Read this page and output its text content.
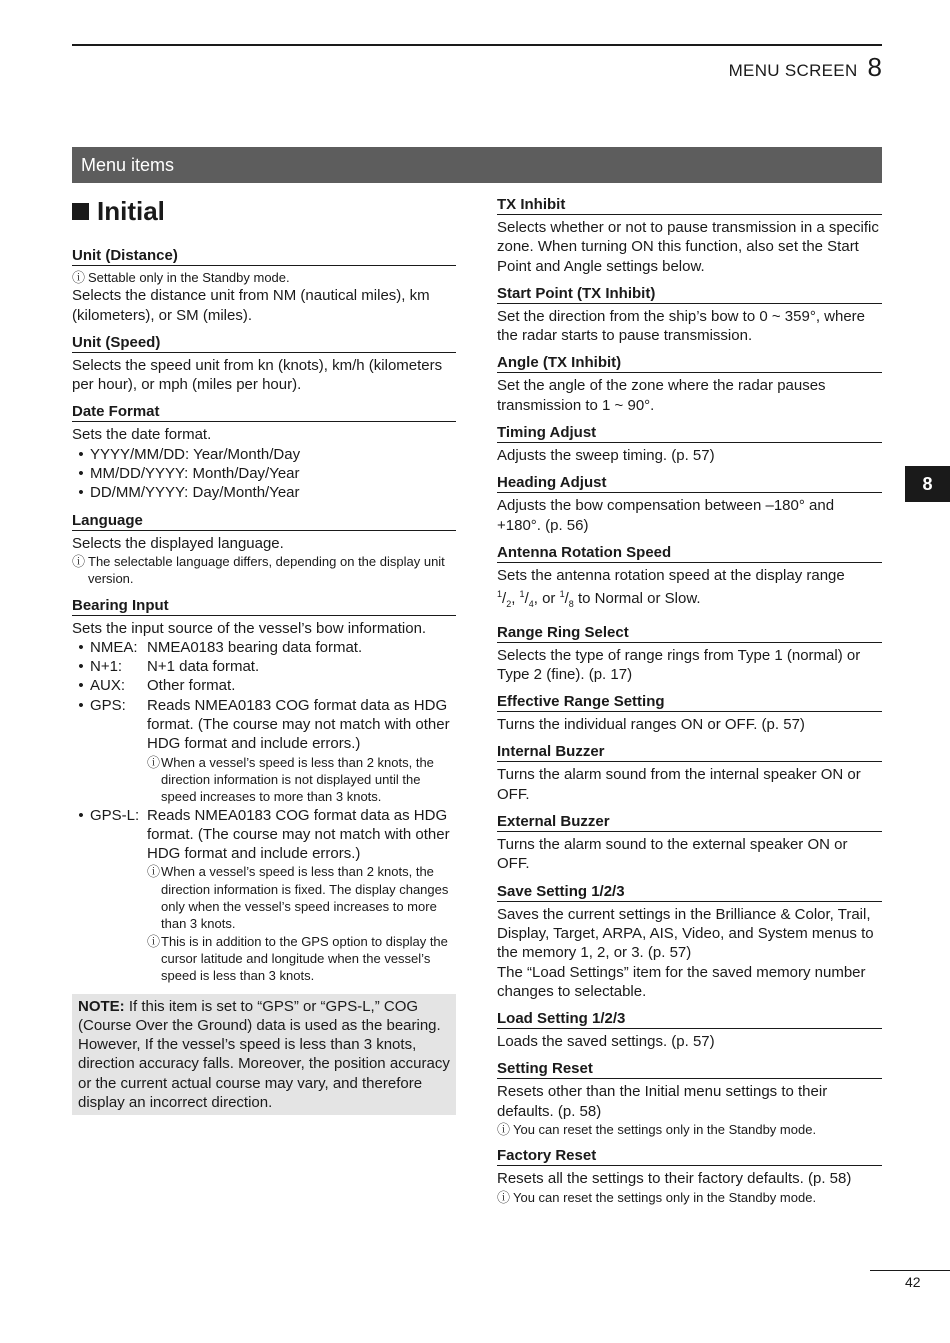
MENU SCREEN 8
Menu items
Initial
Unit (Distance)
ⓘ Settable only in the Standby mode.
Selects the distance unit from NM (nautical miles), km (kilometers), or SM (miles).
Unit (Speed)
Selects the speed unit from kn (knots), km/h (kilometers per hour), or mph (miles per hour).
Date Format
Sets the date format.
• YYYY/MM/DD: Year/Month/Day
• MM/DD/YYYY: Month/Day/Year
• DD/MM/YYYY: Day/Month/Year
Language
Selects the displayed language.
ⓘ The selectable language differs, depending on the display unit version.
Bearing Input
Sets the input source of the vessel’s bow information.
• NMEA: NMEA0183 bearing data format.
• N+1:	N+1 data format.
• AUX:	Other format.
• GPS:	Reads NMEA0183 COG format data as HDG format. (The course may not match with other HDG format and include errors.)
ⓘ When a vessel’s speed is less than 2 knots, the direction information is not displayed until the speed increases to more than 3 knots.
• GPS-L: Reads NMEA0183 COG format data as HDG format. (The course may not match with other HDG format and include errors.)
ⓘ When a vessel’s speed is less than 2 knots, the direction information is fixed. The display changes only when the vessel’s speed increases to more than 3 knots.
ⓘ This is in addition to the GPS option to display the cursor latitude and longitude when the vessel’s speed is less than 3 knots.
NOTE: If this item is set to “GPS” or “GPS-L,” COG (Course Over the Ground) data is used as the bearing.
However, If the vessel’s speed is less than 3 knots, direction accuracy falls. Moreover, the position accuracy or the current actual course may vary, and therefore display an incorrect direction.
TX Inhibit
Selects whether or not to pause transmission in a specific zone. When turning ON this function, also set the Start Point and Angle settings below.
Start Point (TX Inhibit)
Set the direction from the ship’s bow to 0 ~ 359°, where the radar starts to pause transmission.
Angle (TX Inhibit)
Set the angle of the zone where the radar pauses transmission to 1 ~ 90°.
Timing Adjust
Adjusts the sweep timing. (p. 57)
Heading Adjust
Adjusts the bow compensation between –180° and +180°. (p. 56)
Antenna Rotation Speed
Sets the antenna rotation speed at the display range
$^1/_2$, $^1/_4$, or $^1/_8$ to Normal or Slow.
Range Ring Select
Selects the type of range rings from Type 1 (normal) or Type 2 (fine). (p. 17)
Effective Range Setting
Turns the individual ranges ON or OFF. (p. 57)
Internal Buzzer
Turns the alarm sound from the internal speaker ON or OFF.
External Buzzer
Turns the alarm sound to the external speaker ON or OFF.
Save Setting 1/2/3
Saves the current settings in the Brilliance & Color, Trail, Display, Target, ARPA, AIS, Video, and System menus to the memory 1, 2, or 3. (p. 57)
The “Load Settings” item for the saved memory number changes to selectable.
Load Setting 1/2/3
Loads the saved settings. (p. 57)
Setting Reset
Resets other than the Initial menu settings to their defaults. (p. 58)
ⓘ You can reset the settings only in the Standby mode.
Factory Reset
Resets all the settings to their factory defaults. (p. 58)
ⓘ You can reset the settings only in the Standby mode.
8
42
